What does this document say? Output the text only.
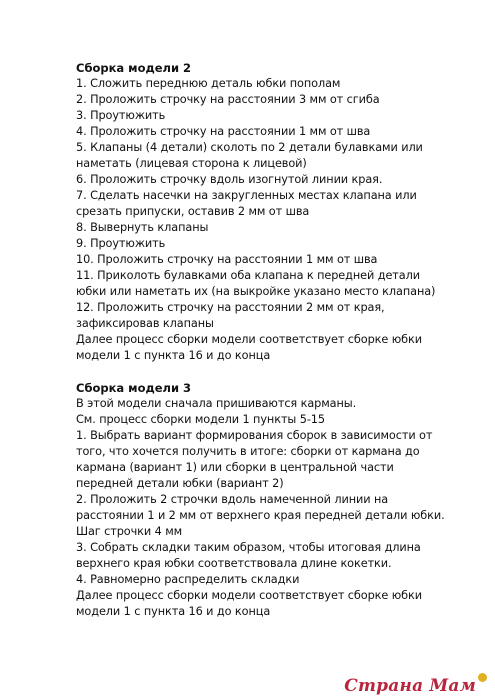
Сборка модели 2

1. Сложить переднюю деталь юбки пополам

2. Проложить строчку на расстоянии 3 мм от сгиба

3. Проутюжить

4. Проложить строчку на расстоянии 1 мм от шва

5. Клапаны (4 детали) сколоть по 2 детали булавками или

наметать (лицевая сторона к лицевой)

6. Проложить строчку вдоль изогнутой линии края.

7. Сделать насечки на закругленных местах клапана или

срезать припуски, оставив 2 мм от шва

8. Вывернуть клапаны

9. Проутюжить

10. Проложить строчку на расстоянии 1 мм от шва

11. Приколоть булавками оба клапана к передней детали

юбки или наметать их (на выкройке указано место клапана)

12. Проложить строчку на расстоянии 2 мм от края,

зафиксировав клапаны

Далее процесс сборки модели соответствует сборке юбки

модели 1 с пункта 16 и до конца

Сборка модели 3

В этой модели сначала пришиваются карманы.

См. процесс сборки модели 1 пункты 5-15

1. Выбрать вариант формирования сборок в зависимости от

того, что хочется получить в итоге: сборки от кармана до

кармана (вариант 1) или сборки в центральной части

передней детали юбки (вариант 2)

2. Проложить 2 строчки вдоль намеченной линии на

расстоянии 1 и 2 мм от верхнего края передней детали юбки.

Шаг строчки 4 мм

3. Собрать складки таким образом, чтобы итоговая длина

верхнего края юбки соответствовала длине кокетки.

4. Равномерно распределить складки

Далее процесс сборки модели соответствует сборке юбки

модели 1 с пункта 16 и до конца

Страна Мам
